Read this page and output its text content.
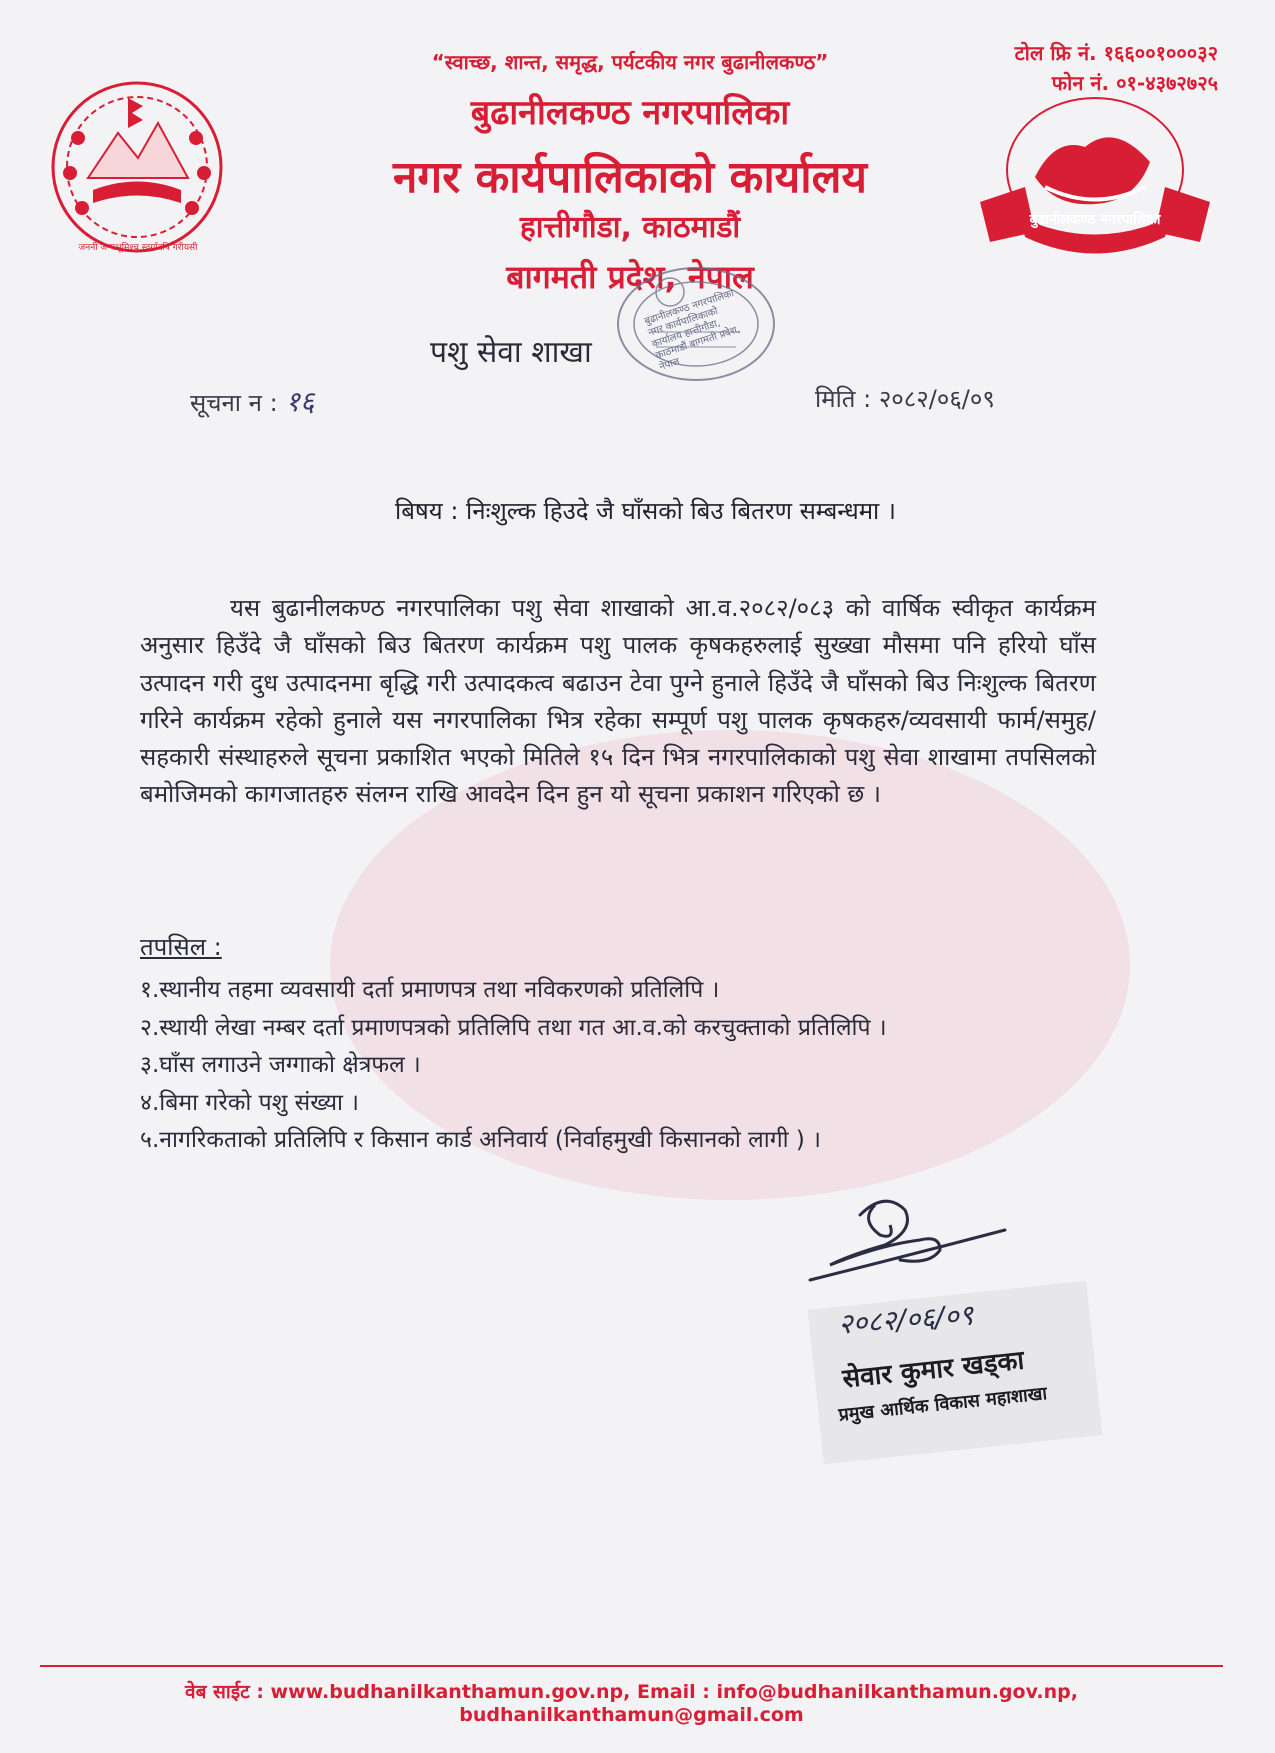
जननी जन्मभूमिश्च स्वर्गादपि गरीयसी
बुढानीलकण्ठ नगरपालिका
“स्वाच्छ, शान्त, समृद्ध, पर्यटकीय नगर बुढानीलकण्ठ”	टोल फ्रि नं. १६६००१०००३२
फोन नं. ०१-४३७२७२५
बुढानीलकण्ठ नगरपालिका
नगर कार्यपालिकाको कार्यालय
हात्तीगौडा, काठमाडौं
बागमती प्रदेश, नेपाल
बुढानीलकण्ठ नगरपालिका नगर कार्यपालिकाको कार्यालय हात्तीगौडा, काठमाडौं बागमती प्रदेश, नेपाल
पशु सेवा शाखा
सूचना न : १६	मिति : २०८२/०६/०९
बिषय : निःशुल्क हिउदे जै घाँसको बिउ बितरण सम्बन्धमा ।

यस बुढानीलकण्ठ नगरपालिका पशु सेवा शाखाको आ.व.२०८२/०८३ को वार्षिक स्वीकृत कार्यक्रम अनुसार हिउँदे जै घाँसको बिउ बितरण कार्यक्रम पशु पालक कृषकहरुलाई सुख्खा मौसमा पनि हरियो घाँस उत्पादन गरी दुध उत्पादनमा बृद्धि गरी उत्पादकत्व बढाउन टेवा पुग्ने हुनाले हिउँदे जै घाँसको बिउ निःशुल्क बितरण गरिने कार्यक्रम रहेको हुनाले यस नगरपालिका भित्र रहेका सम्पूर्ण पशु पालक कृषकहरु/व्यवसायी फार्म/समुह/सहकारी संस्थाहरुले सूचना प्रकाशित भएको मितिले १५ दिन भित्र नगरपालिकाको पशु सेवा शाखामा तपसिलको बमोजिमको कागजातहरु संलग्न राखि आवदेन दिन हुन यो सूचना प्रकाशन गरिएको छ ।

तपसिल :
१.स्थानीय तहमा व्यवसायी दर्ता प्रमाणपत्र तथा नविकरणको प्रतिलिपि ।
२.स्थायी लेखा नम्बर दर्ता प्रमाणपत्रको प्रतिलिपि तथा गत आ.व.को करचुक्ताको प्रतिलिपि ।
३.घाँस लगाउने जग्गाको क्षेत्रफल ।
४.बिमा गरेको पशु संख्या ।
५.नागरिकताको प्रतिलिपि र किसान कार्ड अनिवार्य (निर्वाहमुखी किसानको लागी ) ।
२०८२/०६/०९
सेवार कुमार खड्का
प्रमुख आर्थिक विकास महाशाखा
वेब साईट : www.budhanilkanthamun.gov.np, Email : info@budhanilkanthamun.gov.np, budhanilkanthamun@gmail.com
